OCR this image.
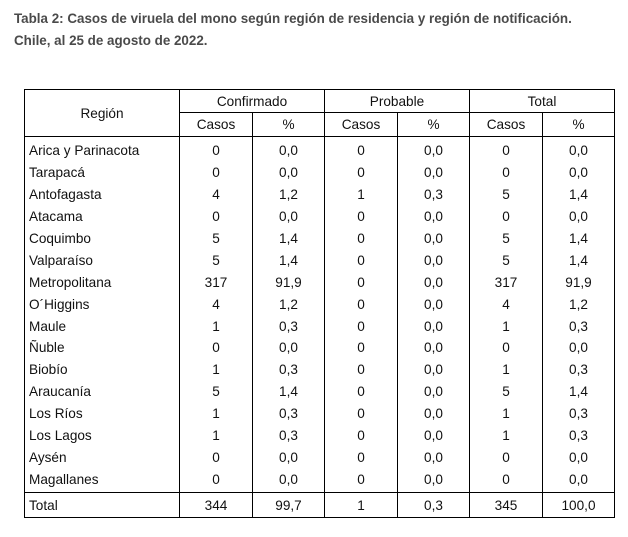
Tabla 2: Casos de viruela del mono según región de residencia y región de notificación.
Chile, al 25 de agosto de 2022.
Región	Confirmado		Probable		Total	
	Casos	%	Casos	%	Casos	%
Arica y Parinacota	0	0,0	0	0,0	0	0,0
Tarapacá	0	0,0	0	0,0	0	0,0
Antofagasta	4	1,2	1	0,3	5	1,4
Atacama	0	0,0	0	0,0	0	0,0
Coquimbo	5	1,4	0	0,0	5	1,4
Valparaíso	5	1,4	0	0,0	5	1,4
Metropolitana	317	91,9	0	0,0	317	91,9
O´Higgins	4	1,2	0	0,0	4	1,2
Maule	1	0,3	0	0,0	1	0,3
Ñuble	0	0,0	0	0,0	0	0,0
Biobío	1	0,3	0	0,0	1	0,3
Araucanía	5	1,4	0	0,0	5	1,4
Los Ríos	1	0,3	0	0,0	1	0,3
Los Lagos	1	0,3	0	0,0	1	0,3
Aysén	0	0,0	0	0,0	0	0,0
Magallanes	0	0,0	0	0,0	0	0,0
Total	344	99,7	1	0,3	345	100,0
